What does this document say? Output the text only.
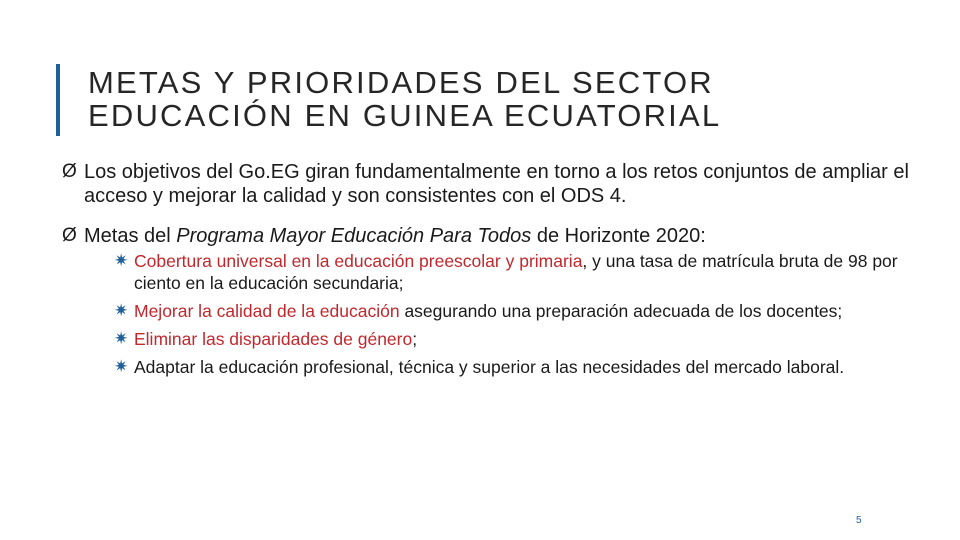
METAS Y PRIORIDADES DEL SECTOR
EDUCACIÓN EN GUINEA ECUATORIAL
Ø Los objetivos del Go.EG giran fundamentalmente en torno a los retos conjuntos de ampliar el acceso y mejorar la calidad y son consistentes con el ODS 4.
Ø Metas del Programa Mayor Educación Para Todos de Horizonte 2020:
✷ Cobertura universal en la educación preescolar y primaria, y una tasa de matrícula bruta de 98 por ciento en la educación secundaria;
✷ Mejorar la calidad de la educación asegurando una preparación adecuada de los docentes;
✷ Eliminar las disparidades de género;
✷ Adaptar la educación profesional, técnica y superior a las necesidades del mercado laboral.
5
